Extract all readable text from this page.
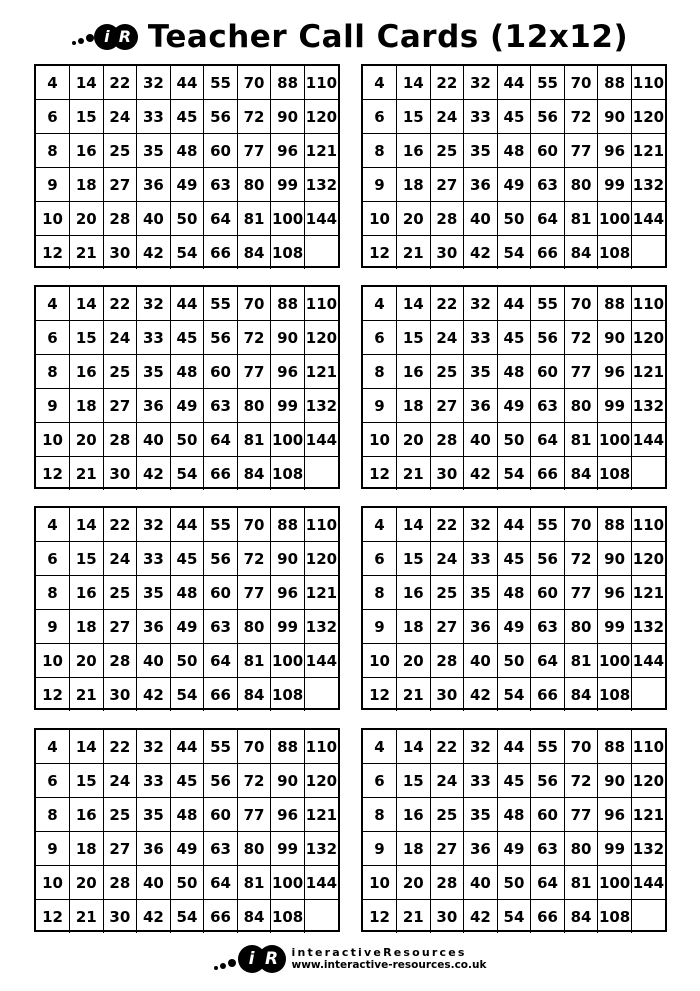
i R Teacher Call Cards (12x12)
4	14	22	32	44	55	70	88	110
6	15	24	33	45	56	72	90	120
8	16	25	35	48	60	77	96	121
9	18	27	36	49	63	80	99	132
10	20	28	40	50	64	81	100	144
12	21	30	42	54	66	84	108	
4	14	22	32	44	55	70	88	110
6	15	24	33	45	56	72	90	120
8	16	25	35	48	60	77	96	121
9	18	27	36	49	63	80	99	132
10	20	28	40	50	64	81	100	144
12	21	30	42	54	66	84	108	
4	14	22	32	44	55	70	88	110
6	15	24	33	45	56	72	90	120
8	16	25	35	48	60	77	96	121
9	18	27	36	49	63	80	99	132
10	20	28	40	50	64	81	100	144
12	21	30	42	54	66	84	108	
4	14	22	32	44	55	70	88	110
6	15	24	33	45	56	72	90	120
8	16	25	35	48	60	77	96	121
9	18	27	36	49	63	80	99	132
10	20	28	40	50	64	81	100	144
12	21	30	42	54	66	84	108	
4	14	22	32	44	55	70	88	110
6	15	24	33	45	56	72	90	120
8	16	25	35	48	60	77	96	121
9	18	27	36	49	63	80	99	132
10	20	28	40	50	64	81	100	144
12	21	30	42	54	66	84	108	
4	14	22	32	44	55	70	88	110
6	15	24	33	45	56	72	90	120
8	16	25	35	48	60	77	96	121
9	18	27	36	49	63	80	99	132
10	20	28	40	50	64	81	100	144
12	21	30	42	54	66	84	108	
4	14	22	32	44	55	70	88	110
6	15	24	33	45	56	72	90	120
8	16	25	35	48	60	77	96	121
9	18	27	36	49	63	80	99	132
10	20	28	40	50	64	81	100	144
12	21	30	42	54	66	84	108	
4	14	22	32	44	55	70	88	110
6	15	24	33	45	56	72	90	120
8	16	25	35	48	60	77	96	121
9	18	27	36	49	63	80	99	132
10	20	28	40	50	64	81	100	144
12	21	30	42	54	66	84	108	
i R	interactiveResources
www.interactive-resources.co.uk
